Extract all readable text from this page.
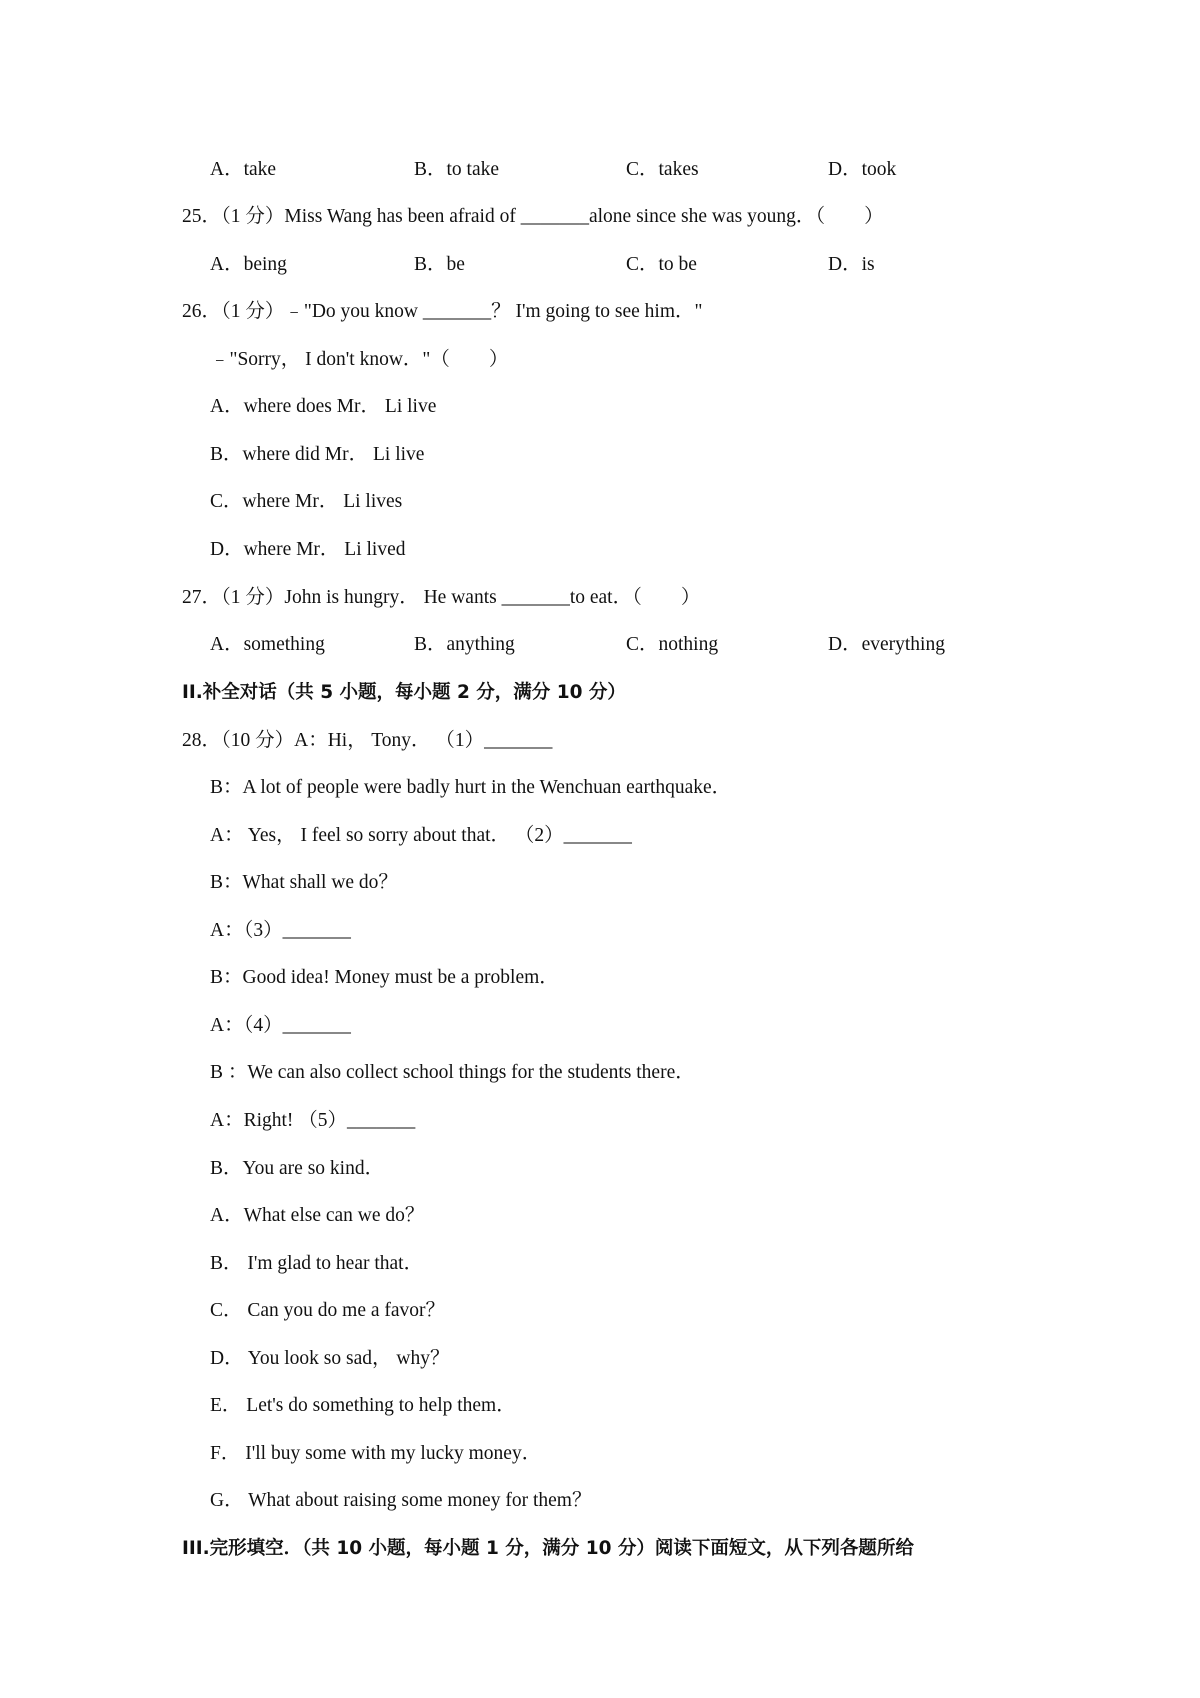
A．take	B．to take	C．takes	D．took
25．（1 分）Miss Wang has been afraid of _______alone since she was young．（　　）
A．being	B．be	C．to be	D．is
26．（1 分）﹣"Do you know _______？ I'm going to see him．"
﹣"Sorry， I don't know．"（　　）
A．where does Mr． Li live
B．where did Mr． Li live
C．where Mr． Li lives
D．where Mr． Li lived
27．（1 分）John is hungry． He wants _______to eat．（　　）
A．something	B．anything	C．nothing	D．everything
II.补全对话（共 5 小题，每小题 2 分，满分 10 分）
28．（10 分）A：Hi， Tony． （1）_______
B：A lot of people were badly hurt in the Wenchuan earthquake．
A： Yes， I feel so sorry about that． （2）_______
B：What shall we do？
A：（3）_______
B：Good idea! Money must be a problem．
A：（4）_______
B ：We can also collect school things for the students there．
A：Right! （5）_______
B．You are so kind．
A．What else can we do？
B． I'm glad to hear that．
C． Can you do me a favor？
D． You look so sad， why？
E． Let's do something to help them．
F． I'll buy some with my lucky money．
G． What about raising some money for them？
III.完形填空．（共 10 小题，每小题 1 分，满分 10 分）阅读下面短文，从下列各题所给
